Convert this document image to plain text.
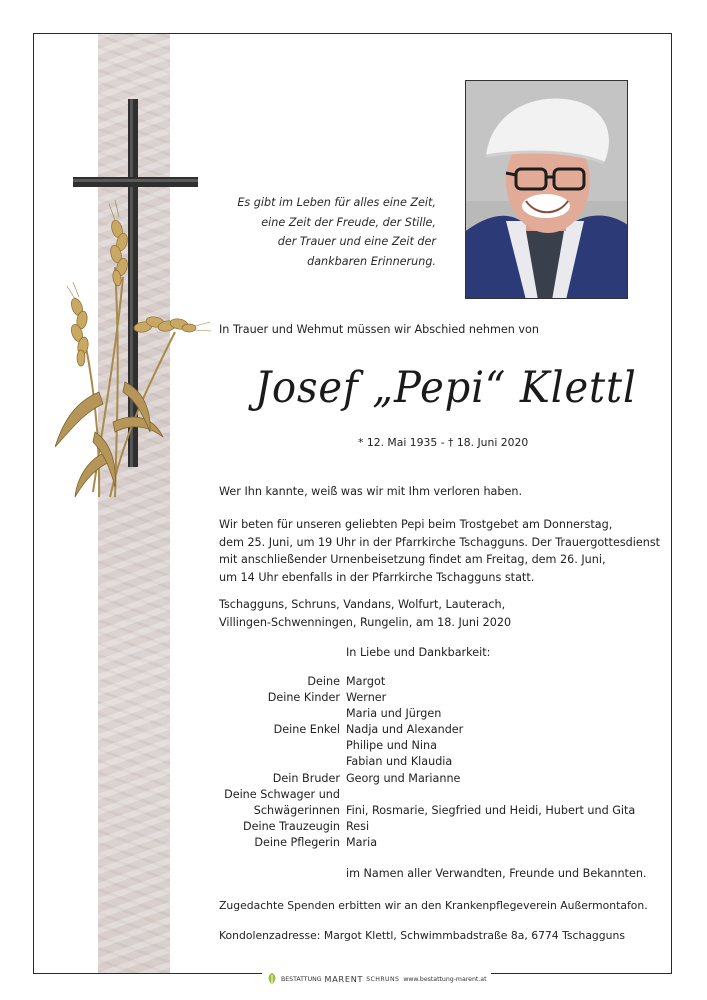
Es gibt im Leben für alles eine Zeit,
eine Zeit der Freude, der Stille,
der Trauer und eine Zeit der
dankbaren Erinnerung.
In Trauer und Wehmut müssen wir Abschied nehmen von
Josef „Pepi“ Klettl
* 12. Mai 1935 - † 18. Juni 2020
Wer Ihn kannte, weiß was wir mit Ihm verloren haben.
Wir beten für unseren geliebten Pepi beim Trostgebet am Donnerstag,
dem 25. Juni, um 19 Uhr in der Pfarrkirche Tschagguns. Der Trauergottesdienst
mit anschließender Urnenbeisetzung findet am Freitag, dem 26. Juni,
um 14 Uhr ebenfalls in der Pfarrkirche Tschagguns statt.
Tschagguns, Schruns, Vandans, Wolfurt, Lauterach,
Villingen-Schwenningen, Rungelin, am 18. Juni 2020
In Liebe und Dankbarkeit:
Deine Margot
Deine Kinder Werner
Maria und Jürgen
Deine Enkel Nadja und Alexander
Philipe und Nina
Fabian und Klaudia
Dein Bruder Georg und Marianne
Deine Schwager und
Schwägerinnen Fini, Rosmarie, Siegfried und Heidi, Hubert und Gita
Deine Trauzeugin Resi
Deine Pflegerin Maria
im Namen aller Verwandten, Freunde und Bekannten.
Zugedachte Spenden erbitten wir an den Krankenpflegeverein Außermontafon.
Kondolenzadresse: Margot Klettl, Schwimmbadstraße 8a, 6774 Tschagguns
BESTATTUNG MARENT SCHRUNS www.bestattung-marent.at
